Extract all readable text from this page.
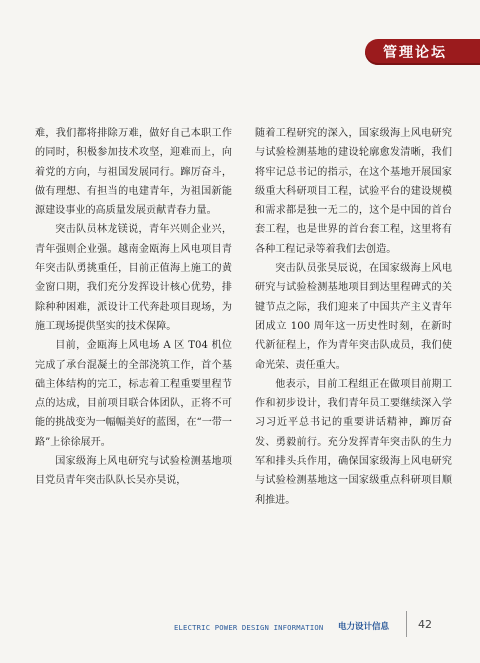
管理论坛

难，我们都将排除万难，做好自己本职工作的同时，积极参加技术攻坚，迎难而上，向着党的方向，与祖国发展同行。蹿厉奋斗，做有理想、有担当的电建青年，为祖国新能源建设事业的高质量发展贡献青春力量。

突击队员林龙镁说，青年兴则企业兴，青年强则企业强。越南金瓯海上风电项目青年突击队勇挑重任，目前正值海上施工的黄金窗口期，我们充分发挥设计核心优势，排除种种困难，派设计工代奔赴项目现场，为施工现场提供坚实的技术保障。

目前，金瓯海上风电场 A 区 T04 机位完成了承台混凝土的全部浇筑工作，首个基础主体结构的完工，标志着工程重要里程节点的达成，目前项目联合体团队，正将不可能的挑战变为一幅幅美好的蓝图，在“一带一路”上徐徐展开。

国家级海上风电研究与试验检测基地项目党员青年突击队队长吴亦昊说，

随着工程研究的深入，国家级海上风电研究与试验检测基地的建设轮廓愈发清晰，我们将牢记总书记的指示，在这个基地开展国家级重大科研项目工程，试验平台的建设规模和需求都是独一无二的，这个是中国的首台套工程，也是世界的首台套工程，这里将有各种工程记录等着我们去创造。

突击队员张昊辰说，在国家级海上风电研究与试验检测基地项目到达里程碑式的关键节点之际，我们迎来了中国共产主义青年团成立 100 周年这一历史性时刻，在新时代新征程上，作为青年突击队成员，我们使命光荣、责任重大。

他表示，目前工程组正在做项目前期工作和初步设计，我们青年员工要继续深入学习习近平总书记的重要讲话精神，蹿厉奋发、勇毅前行。充分发挥青年突击队的生力军和排头兵作用，确保国家级海上风电研究与试验检测基地这一国家级重点科研项目顺利推进。

ELECTRIC POWER DESIGN INFORMATION 电力设计信息	42
